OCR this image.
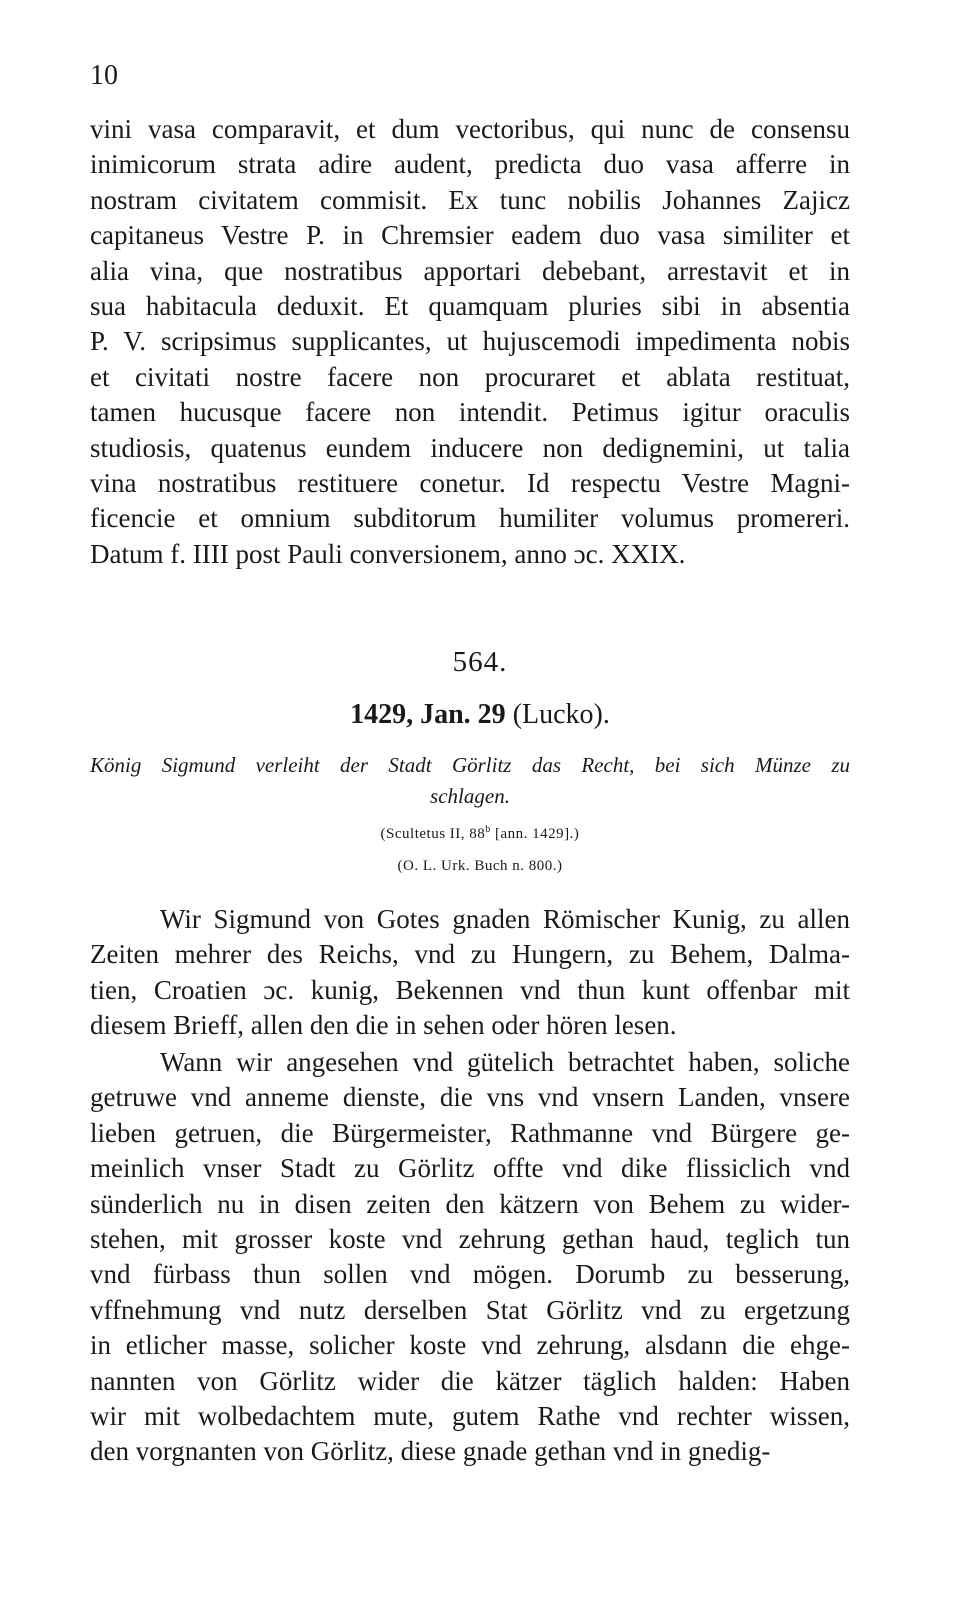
10
vini vasa comparavit, et dum vectoribus, qui nunc de consensu
inimicorum strata adire audent, predicta duo vasa afferre in
nostram civitatem commisit. Ex tunc nobilis Johannes Zajicz
capitaneus Vestre P. in Chremsier eadem duo vasa similiter et
alia vina, que nostratibus apportari debebant, arrestavit et in
sua habitacula deduxit. Et quamquam pluries sibi in absentia
P. V. scripsimus supplicantes, ut hujuscemodi impedimenta nobis
et civitati nostre facere non procuraret et ablata restituat,
tamen hucusque facere non intendit. Petimus igitur oraculis
studiosis, quatenus eundem inducere non dedignemini, ut talia
vina nostratibus restituere conetur. Id respectu Vestre Magni-
ficencie et omnium subditorum humiliter volumus promereri.
Datum f. IIII post Pauli conversionem, anno ɔc. XXIX.
564.
1429, Jan. 29 (Lucko).
König Sigmund verleiht der Stadt Görlitz das Recht, bei sich Münze zu
schlagen.
(Scultetus II, 88$^b$ [ann. 1429].)
(O. L. Urk. Buch n. 800.)
Wir Sigmund von Gotes gnaden Römischer Kunig, zu allen
Zeiten mehrer des Reichs, vnd zu Hungern, zu Behem, Dalma-
tien, Croatien ɔc. kunig, Bekennen vnd thun kunt offenbar mit
diesem Brieff, allen den die in sehen oder hören lesen.
Wann wir angesehen vnd gütelich betrachtet haben, soliche
getruwe vnd anneme dienste, die vns vnd vnsern Landen, vnsere
lieben getruen, die Bürgermeister, Rathmanne vnd Bürgere ge-
meinlich vnser Stadt zu Görlitz offte vnd dike flissiclich vnd
sünderlich nu in disen zeiten den kätzern von Behem zu wider-
stehen, mit grosser koste vnd zehrung gethan haud, teglich tun
vnd fürbass thun sollen vnd mögen. Dorumb zu besserung,
vffnehmung vnd nutz derselben Stat Görlitz vnd zu ergetzung
in etlicher masse, solicher koste vnd zehrung, alsdann die ehge-
nannten von Görlitz wider die kätzer täglich halden: Haben
wir mit wolbedachtem mute, gutem Rathe vnd rechter wissen,
den vorgnanten von Görlitz, diese gnade gethan vnd in gnedig-
